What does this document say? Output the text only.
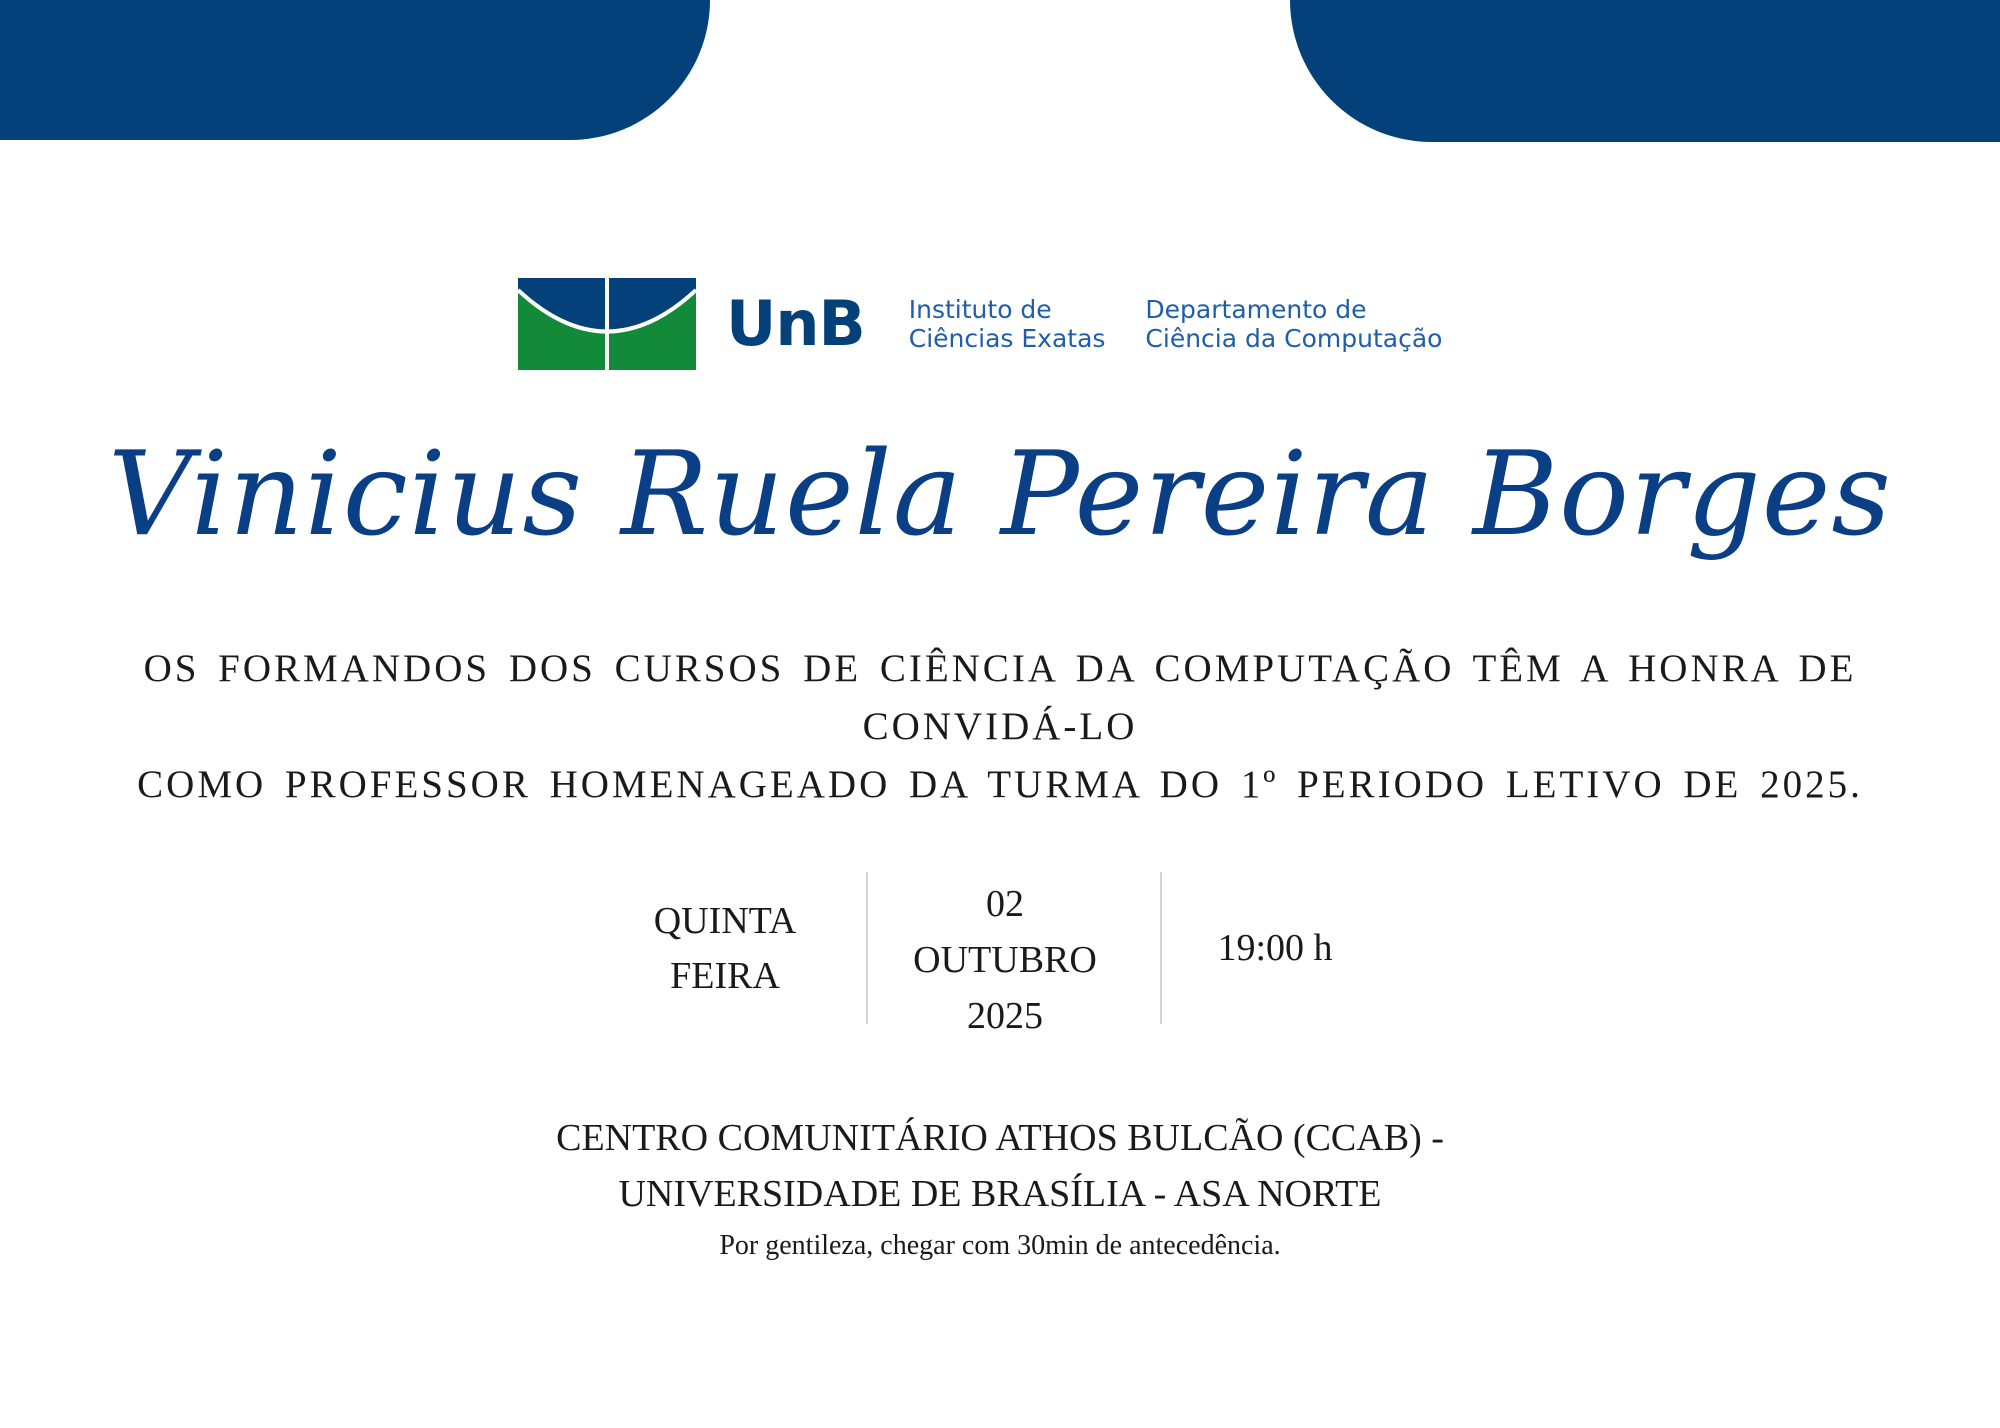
UnB Instituto de
Ciências Exatas
Departamento de
Ciência da Computação
Vinicius Ruela Pereira Borges
OS FORMANDOS DOS CURSOS DE CIÊNCIA DA COMPUTAÇÃO TÊM A HONRA DE CONVIDÁ-LO
COMO PROFESSOR HOMENAGEADO DA TURMA DO 1º PERIODO LETIVO DE 2025.
QUINTA
FEIRA
02
OUTUBRO
2025
19:00 h
CENTRO COMUNITÁRIO ATHOS BULCÃO (CCAB) -
UNIVERSIDADE DE BRASÍLIA - ASA NORTE
Por gentileza, chegar com 30min de antecedência.
